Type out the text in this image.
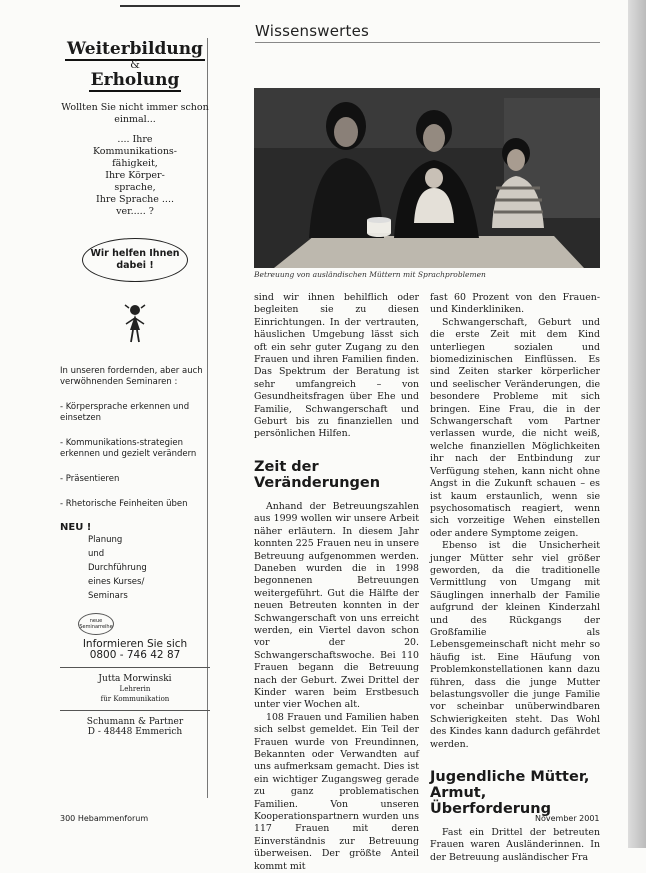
Wissenswertes
Weiterbildung
&
Erholung
Wollten Sie nicht immer schon einmal...
.... Ihre
Kommunikations-
fähigkeit,
Ihre Körper-
sprache,
Ihre Sprache ....
ver..... ?
Wir helfen Ihnen dabei !
In unseren fordernden, aber auch verwöhnenden Seminaren :
- Körpersprache erkennen und einsetzen
- Kommunikations-strategien erkennen und gezielt verändern
- Präsentieren
- Rhetorische Feinheiten üben
NEU !
Planung
und
Durchführung
eines Kurses/
Seminars
neue Seminarreihe
Informieren Sie sich
0800 - 746 42 87
Jutta Morwinski
Lehrerin
für Kommunikation
Schumann & Partner
D - 48448 Emmerich
Betreuung von ausländischen Müttern mit Sprachproblemen

sind wir ihnen behilflich oder begleiten sie zu diesen Einrichtungen. In der vertrauten, häuslichen Umgebung lässt sich oft ein sehr guter Zugang zu den Frauen und ihren Familien finden. Das Spektrum der Beratung ist sehr umfangreich – von Gesundheitsfragen über Ehe und Familie, Schwangerschaft und Geburt bis zu finanziellen und persönlichen Hilfen.

Zeit der Veränderungen

Anhand der Betreuungszahlen aus 1999 wollen wir unsere Arbeit näher erläutern. In diesem Jahr konnten 225 Frauen neu in unsere Betreuung aufgenommen werden. Daneben wurden die in 1998 begonnenen Betreuungen weitergeführt. Gut die Hälfte der neuen Betreuten konnten in der Schwangerschaft von uns erreicht werden, ein Viertel davon schon vor der 20. Schwangerschaftswoche. Bei 110 Frauen begann die Betreuung nach der Geburt. Zwei Drittel der Kinder waren beim Erstbesuch unter vier Wochen alt.

108 Frauen und Familien haben sich selbst gemeldet. Ein Teil der Frauen wurde von Freundinnen, Bekannten oder Verwandten auf uns aufmerksam gemacht. Dies ist ein wichtiger Zugangsweg gerade zu ganz problematischen Familien. Von unseren Kooperationspartnern wurden uns 117 Frauen mit deren Einverständnis zur Betreuung überweisen. Der größte Anteil kommt mit

fast 60 Prozent von den Frauen- und Kinderkliniken.

Schwangerschaft, Geburt und die erste Zeit mit dem Kind unterliegen sozialen und biomedizinischen Einflüssen. Es sind Zeiten starker körperlicher und seelischer Veränderungen, die besondere Probleme mit sich bringen. Eine Frau, die in der Schwangerschaft vom Partner verlassen wurde, die nicht weiß, welche finanziellen Möglichkeiten ihr nach der Entbindung zur Verfügung stehen, kann nicht ohne Angst in die Zukunft schauen – es ist kaum erstaunlich, wenn sie psychosomatisch reagiert, wenn sich vorzeitige Wehen einstellen oder andere Symptome zeigen.

Ebenso ist die Unsicherheit junger Mütter sehr viel größer geworden, da die traditionelle Vermittlung von Umgang mit Säuglingen innerhalb der Familie aufgrund der kleinen Kinderzahl und des Rückgangs der Großfamilie als Lebensgemeinschaft nicht mehr so häufig ist. Eine Häufung von Problemkonstellationen kann dazu führen, dass die junge Mutter belastungsvoller die junge Familie vor scheinbar unüberwindbaren Schwierigkeiten steht. Das Wohl des Kindes kann dadurch gefährdet werden.

Jugendliche Mütter, Armut, Überforderung

Fast ein Drittel der betreuten Frauen waren Ausländerinnen. In der Betreuung ausländischer Fra

300 Hebammenforum	November 2001
